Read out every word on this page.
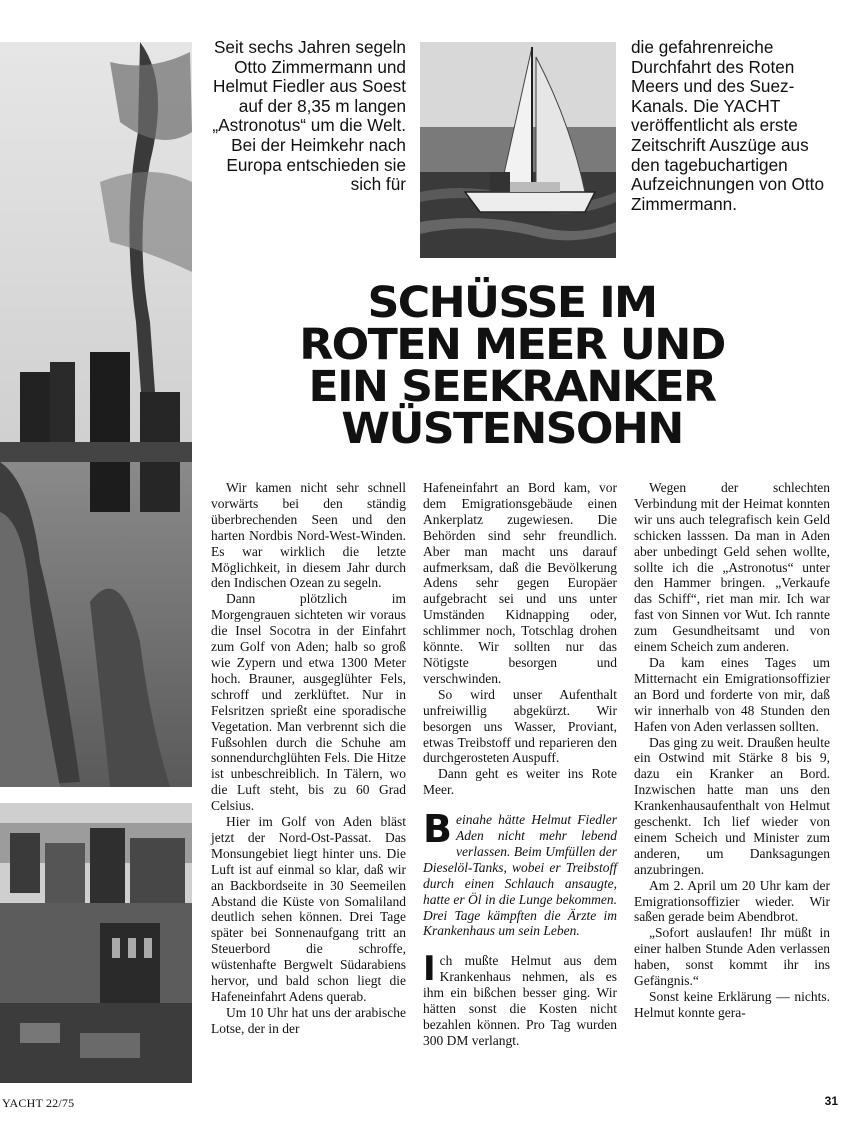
Seit sechs Jahren segeln Otto Zimmermann und Helmut Fiedler aus Soest auf der 8,35 m langen „Astronotus“ um die Welt. Bei der Heimkehr nach Europa entschieden sie sich für

die gefahrenreiche Durchfahrt des Roten Meers und des Suez-Kanals. Die YACHT veröffentlicht als erste Zeitschrift Auszüge aus den tagebuchartigen Aufzeichnungen von Otto Zimmermann.

SCHÜSSE IM
ROTEN MEER UND
EIN SEEKRANKER
WÜSTENSOHN

Wir kamen nicht sehr schnell vorwärts bei den ständig überbrechenden Seen und den harten Nordbis Nord-West-Winden. Es war wirklich die letzte Möglichkeit, in diesem Jahr durch den Indischen Ozean zu segeln.

Dann plötzlich im Morgengrauen sichteten wir voraus die Insel Socotra in der Einfahrt zum Golf von Aden; halb so groß wie Zypern und etwa 1300 Meter hoch. Brauner, ausgeglühter Fels, schroff und zerklüftet. Nur in Felsritzen sprießt eine sporadische Vegetation. Man verbrennt sich die Fußsohlen durch die Schuhe am sonnendurchglühten Fels. Die Hitze ist unbeschreiblich. In Tälern, wo die Luft steht, bis zu 60 Grad Celsius.

Hier im Golf von Aden bläst jetzt der Nord-Ost-Passat. Das Monsungebiet liegt hinter uns. Die Luft ist auf einmal so klar, daß wir an Backbordseite in 30 Seemeilen Abstand die Küste von Somaliland deutlich sehen können. Drei Tage später bei Sonnenaufgang tritt an Steuerbord die schroffe, wüstenhafte Bergwelt Südarabiens hervor, und bald schon liegt die Hafeneinfahrt Adens querab.

Um 10 Uhr hat uns der arabische Lotse, der in der

Hafeneinfahrt an Bord kam, vor dem Emigrationsgebäude einen Ankerplatz zugewiesen. Die Behörden sind sehr freundlich. Aber man macht uns darauf aufmerksam, daß die Bevölkerung Adens sehr gegen Europäer aufgebracht sei und uns unter Umständen Kidnapping oder, schlimmer noch, Totschlag drohen könnte. Wir sollten nur das Nötigste besorgen und verschwinden.

So wird unser Aufenthalt unfreiwillig abgekürzt. Wir besorgen uns Wasser, Proviant, etwas Treibstoff und reparieren den durchgerosteten Auspuff.

Dann geht es weiter ins Rote Meer.

Beinahe hätte Helmut Fiedler Aden nicht mehr lebend verlassen. Beim Umfüllen der Dieselöl-Tanks, wobei er Treibstoff durch einen Schlauch ansaugte, hatte er Öl in die Lunge bekommen. Drei Tage kämpften die Ärzte im Krankenhaus um sein Leben.

Ich mußte Helmut aus dem Krankenhaus nehmen, als es ihm ein bißchen besser ging. Wir hätten sonst die Kosten nicht bezahlen können. Pro Tag wurden 300 DM verlangt.

Wegen der schlechten Verbindung mit der Heimat konnten wir uns auch telegrafisch kein Geld schicken lasssen. Da man in Aden aber unbedingt Geld sehen wollte, sollte ich die „Astronotus“ unter den Hammer bringen. „Verkaufe das Schiff“, riet man mir. Ich war fast von Sinnen vor Wut. Ich rannte zum Gesundheitsamt und von einem Scheich zum anderen.

Da kam eines Tages um Mitternacht ein Emigrationsoffizier an Bord und forderte von mir, daß wir innerhalb von 48 Stunden den Hafen von Aden verlassen sollten.

Das ging zu weit. Draußen heulte ein Ostwind mit Stärke 8 bis 9, dazu ein Kranker an Bord. Inzwischen hatte man uns den Krankenhausaufenthalt von Helmut geschenkt. Ich lief wieder von einem Scheich und Minister zum anderen, um Danksagungen anzubringen.

Am 2. April um 20 Uhr kam der Emigrationsoffizier wieder. Wir saßen gerade beim Abendbrot.

„Sofort auslaufen! Ihr müßt in einer halben Stunde Aden verlassen haben, sonst kommt ihr ins Gefängnis.“

Sonst keine Erklärung — nichts. Helmut konnte gera-

YACHT 22/75	31
